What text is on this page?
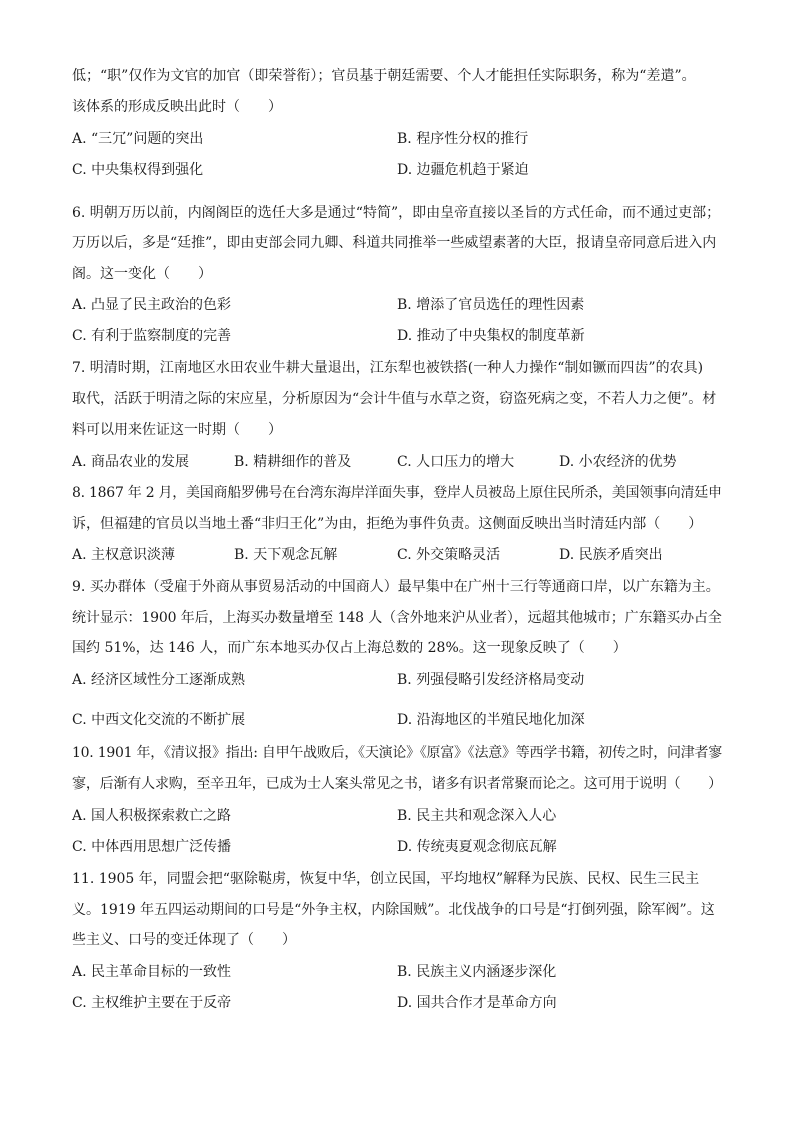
低；“职”仅作为文官的加官（即荣誉衔）；官员基于朝廷需要、个人才能担任实际职务，称为“差遣”。
该体系的形成反映出此时（　　）
A. “三冗”问题的突出	B. 程序性分权的推行
C. 中央集权得到强化	D. 边疆危机趋于紧迫
6. 明朝万历以前，内阁阁臣的选任大多是通过“特简”，即由皇帝直接以圣旨的方式任命，而不通过吏部；
万历以后，多是“廷推”，即由吏部会同九卿、科道共同推举一些威望素著的大臣，报请皇帝同意后进入内
阁。这一变化（　　）
A. 凸显了民主政治的色彩	B. 增添了官员选任的理性因素
C. 有利于监察制度的完善	D. 推动了中央集权的制度革新
7. 明清时期，江南地区水田农业牛耕大量退出，江东犁也被铁搭(一种人力操作“制如镢而四齿”的农具)
取代，活跃于明清之际的宋应星，分析原因为“会计牛值与水草之资，窃盗死病之变，不若人力之便”。材
料可以用来佐证这一时期（　　）
A. 商品农业的发展	B. 精耕细作的普及	C. 人口压力的增大	D. 小农经济的优势
8. 1867 年 2 月，美国商船罗佛号在台湾东海岸洋面失事，登岸人员被岛上原住民所杀，美国领事向清廷申
诉，但福建的官员以当地土番“非归王化”为由，拒绝为事件负责。这侧面反映出当时清廷内部（　　）
A. 主权意识淡薄	B. 天下观念瓦解	C. 外交策略灵活	D. 民族矛盾突出
9. 买办群体（受雇于外商从事贸易活动的中国商人）最早集中在广州十三行等通商口岸，以广东籍为主。
统计显示：1900 年后，上海买办数量增至 148 人（含外地来沪从业者），远超其他城市；广东籍买办占全
国约 51%，达 146 人，而广东本地买办仅占上海总数的 28%。这一现象反映了（　　）
A. 经济区域性分工逐渐成熟	B. 列强侵略引发经济格局变动
C. 中西文化交流的不断扩展	D. 沿海地区的半殖民地化加深
10. 1901 年，《清议报》指出: 自甲午战败后，《天演论》《原富》《法意》等西学书籍，初传之时，问津者寥
寥，后渐有人求购，至辛丑年，已成为士人案头常见之书，诸多有识者常聚而论之。这可用于说明（　　）
A. 国人积极探索救亡之路	B. 民主共和观念深入人心
C. 中体西用思想广泛传播	D. 传统夷夏观念彻底瓦解
11. 1905 年，同盟会把“驱除鞑虏，恢复中华，创立民国，平均地权”解释为民族、民权、民生三民主
义。1919 年五四运动期间的口号是“外争主权，内除国贼”。北伐战争的口号是“打倒列强，除军阀”。这
些主义、口号的变迁体现了（　　）
A. 民主革命目标的一致性	B. 民族主义内涵逐步深化
C. 主权维护主要在于反帝	D. 国共合作才是革命方向
